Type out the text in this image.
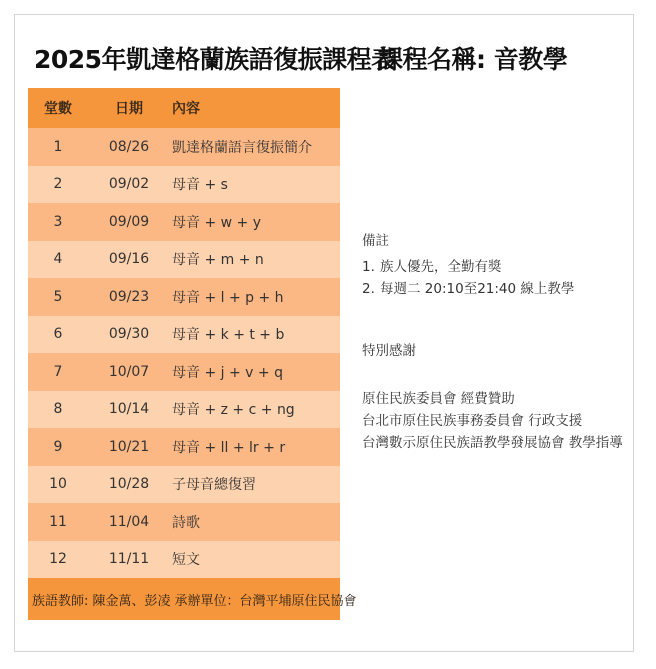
2025年凱達格蘭族語復振課程表
課程名稱: 音教學
堂數	日期	內容
1	08/26	凱達格蘭語言復振簡介
2	09/02	母音 + s
3	09/09	母音 + w + y
4	09/16	母音 + m + n
5	09/23	母音 + l + p + h
6	09/30	母音 + k + t + b
7	10/07	母音 + j + v + q
8	10/14	母音 + z + c + ng
9	10/21	母音 + ll + lr + r
10	10/28	子母音總復習
11	11/04	詩歌
12	11/11	短文
族語教師: 陳金萬、彭凌 承辦單位：台灣平埔原住民協會
備註
1. 族人優先，全勤有獎
2. 每週二 20:10至21:40 線上教學
特別感謝
原住民族委員會 經費贊助
台北市原住民族事務委員會 行政支援
台灣數示原住民族語教學發展協會 教學指導
